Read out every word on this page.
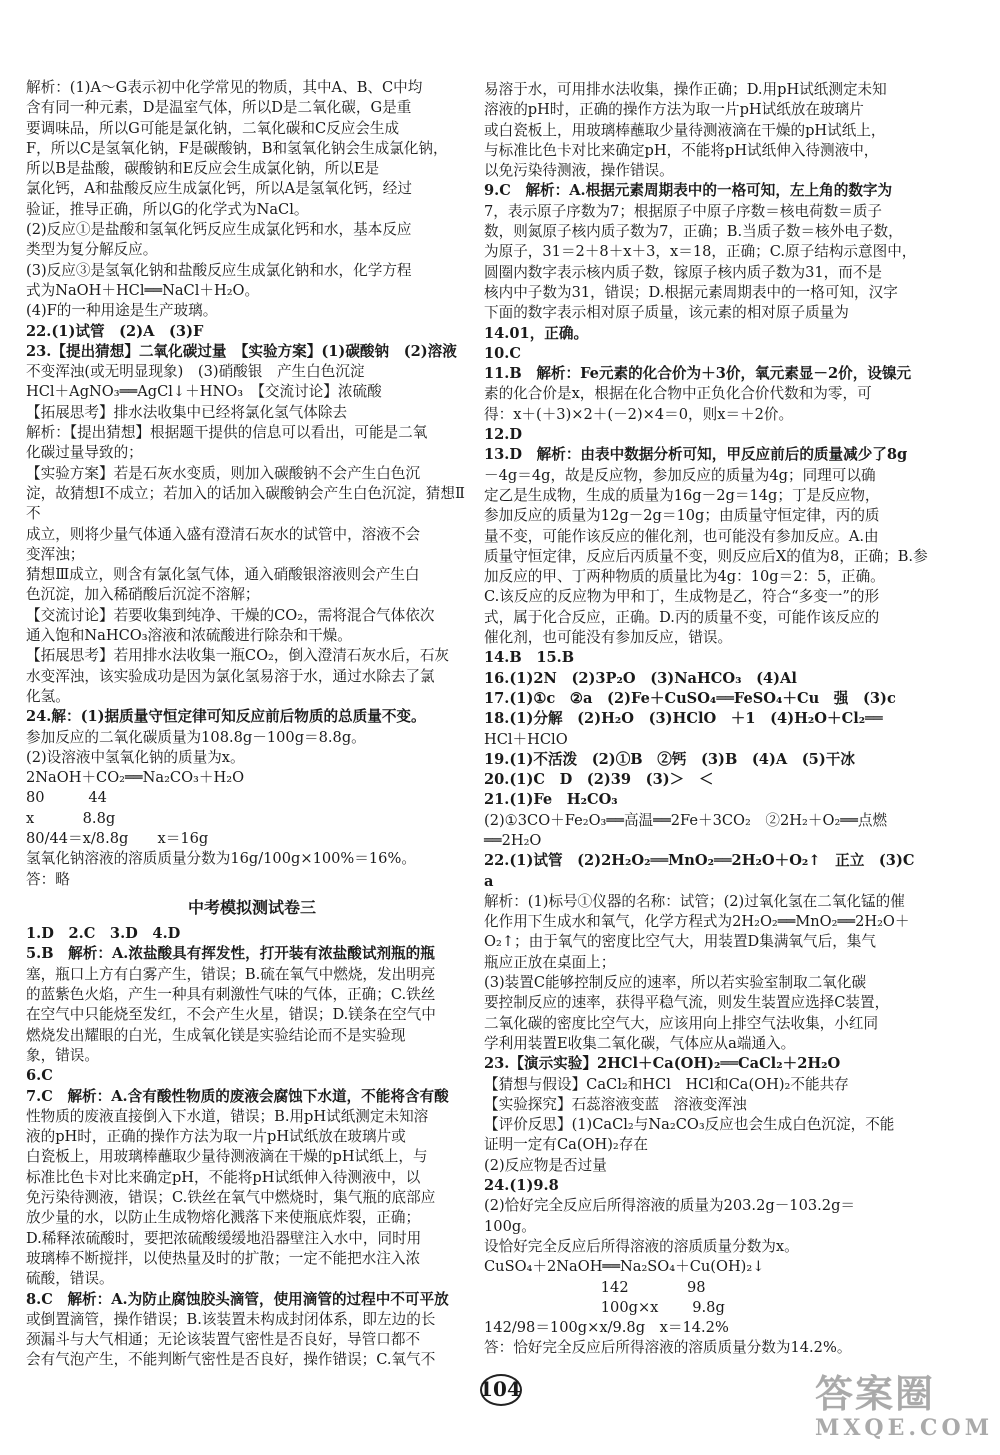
解析：(1)A～G表示初中化学常见的物质，其中A、B、C中均

含有同一种元素，D是温室气体，所以D是二氧化碳，G是重

要调味品，所以G可能是氯化钠，二氧化碳和C反应会生成

F，所以C是氢氧化钠，F是碳酸钠，B和氢氧化钠会生成氯化钠，

所以B是盐酸，碳酸钠和E反应会生成氯化钠，所以E是

氯化钙，A和盐酸反应生成氯化钙，所以A是氢氧化钙，经过

验证，推导正确，所以G的化学式为NaCl。

(2)反应①是盐酸和氢氧化钙反应生成氯化钙和水，基本反应

类型为复分解反应。

(3)反应③是氢氧化钠和盐酸反应生成氯化钠和水，化学方程

式为NaOH＋HCl══NaCl＋H₂O。

(4)F的一种用途是生产玻璃。

22.(1)试管　(2)A　(3)F

23.【提出猜想】二氧化碳过量　【实验方案】(1)碳酸钠　(2)溶液

不变浑浊(或无明显现象)　(3)硝酸银　产生白色沉淀

HCl＋AgNO₃══AgCl↓＋HNO₃　【交流讨论】浓硫酸

【拓展思考】排水法收集中已经将氯化氢气体除去

解析：【提出猜想】根据题干提供的信息可以看出，可能是二氧

化碳过量导致的；

【实验方案】若是石灰水变质，则加入碳酸钠不会产生白色沉

淀，故猜想Ⅰ不成立；若加入的话加入碳酸钠会产生白色沉淀，猜想Ⅱ不

成立，则将少量气体通入盛有澄清石灰水的试管中，溶液不会

变浑浊；

猜想Ⅲ成立，则含有氯化氢气体，通入硝酸银溶液则会产生白

色沉淀，加入稀硝酸后沉淀不溶解；

【交流讨论】若要收集到纯净、干燥的CO₂，需将混合气体依次

通入饱和NaHCO₃溶液和浓硫酸进行除杂和干燥。

【拓展思考】若用排水法收集一瓶CO₂，倒入澄清石灰水后，石灰

水变浑浊，该实验成功是因为氯化氢易溶于水，通过水除去了氯

化氢。

24.解：(1)据质量守恒定律可知反应前后物质的总质量不变。

参加反应的二氧化碳质量为108.8g－100g＝8.8g。

(2)设溶液中氢氧化钠的质量为x。

2NaOH＋CO₂══Na₂CO₃＋H₂O

80　　　44

x　　　 8.8g

80/44＝x/8.8g　　x＝16g

氢氧化钠溶液的溶质质量分数为16g/100g×100%＝16%。

答：略

中考模拟测试卷三

1.D　2.C　3.D　4.D

5.B　解析：A.浓盐酸具有挥发性，打开装有浓盐酸试剂瓶的瓶

塞，瓶口上方有白雾产生，错误；B.硫在氧气中燃烧，发出明亮

的蓝紫色火焰，产生一种具有刺激性气味的气体，正确；C.铁丝

在空气中只能烧至发红，不会产生火星，错误；D.镁条在空气中

燃烧发出耀眼的白光，生成氧化镁是实验结论而不是实验现

象，错误。

6.C

7.C　解析：A.含有酸性物质的废液会腐蚀下水道，不能将含有酸

性物质的废液直接倒入下水道，错误；B.用pH试纸测定未知溶

液的pH时，正确的操作方法为取一片pH试纸放在玻璃片或

白瓷板上，用玻璃棒蘸取少量待测液滴在干燥的pH试纸上，与

标准比色卡对比来确定pH，不能将pH试纸伸入待测液中，以

免污染待测液，错误；C.铁丝在氧气中燃烧时，集气瓶的底部应

放少量的水，以防止生成物熔化溅落下来使瓶底炸裂，正确；

D.稀释浓硫酸时，要把浓硫酸缓缓地沿器壁注入水中，同时用

玻璃棒不断搅拌，以使热量及时的扩散；一定不能把水注入浓

硫酸，错误。

8.C　解析：A.为防止腐蚀胶头滴管，使用滴管的过程中不可平放

或倒置滴管，操作错误；B.该装置未构成封闭体系，即左边的长

颈漏斗与大气相通；无论该装置气密性是否良好，导管口都不

会有气泡产生，不能判断气密性是否良好，操作错误；C.氧气不

易溶于水，可用排水法收集，操作正确；D.用pH试纸测定未知

溶液的pH时，正确的操作方法为取一片pH试纸放在玻璃片

或白瓷板上，用玻璃棒蘸取少量待测液滴在干燥的pH试纸上，

与标准比色卡对比来确定pH，不能将pH试纸伸入待测液中，

以免污染待测液，操作错误。

9.C　解析：A.根据元素周期表中的一格可知，左上角的数字为

7，表示原子序数为7；根据原子中原子序数＝核电荷数＝质子

数，则氮原子核内质子数为7，正确；B.当质子数＝核外电子数，

为原子，31＝2＋8＋x＋3，x＝18，正确；C.原子结构示意图中，

圆圈内数字表示核内质子数，镓原子核内质子数为31，而不是

核内中子数为31，错误；D.根据元素周期表中的一格可知，汉字

下面的数字表示相对原子质量，该元素的相对原子质量为

14.01，正确。

10.C

11.B　解析：Fe元素的化合价为＋3价，氧元素显－2价，设镍元

素的化合价是x，根据在化合物中正负化合价代数和为零，可

得：x＋(＋3)×2＋(－2)×4＝0，则x＝＋2价。

12.D

13.D　解析：由表中数据分析可知，甲反应前后的质量减少了8g

－4g＝4g，故是反应物，参加反应的质量为4g；同理可以确

定乙是生成物，生成的质量为16g－2g＝14g；丁是反应物，

参加反应的质量为12g－2g＝10g；由质量守恒定律，丙的质

量不变，可能作该反应的催化剂，也可能没有参加反应。A.由

质量守恒定律，反应后丙质量不变，则反应后X的值为8，正确；B.参

加反应的甲、丁两种物质的质量比为4g：10g＝2：5，正确。

C.该反应的反应物为甲和丁，生成物是乙，符合“多变一”的形

式，属于化合反应，正确。D.丙的质量不变，可能作该反应的

催化剂，也可能没有参加反应，错误。

14.B　15.B

16.(1)2N　(2)3P₂O　(3)NaHCO₃　(4)Al

17.(1)①c　②a　(2)Fe＋CuSO₄══FeSO₄＋Cu　强　(3)c

18.(1)分解　(2)H₂O　(3)HClO　＋1　(4)H₂O＋Cl₂══

HCl＋HClO

19.(1)不活泼　(2)①B　②钙　(3)B　(4)A　(5)干冰

20.(1)C　D　(2)39　(3)＞　＜

21.(1)Fe　H₂CO₃

(2)①3CO＋Fe₂O₃══高温══2Fe＋3CO₂　②2H₂＋O₂══点燃══2H₂O

22.(1)试管　(2)2H₂O₂══MnO₂══2H₂O＋O₂↑　正立　(3)C　a

解析：(1)标号①仪器的名称：试管；(2)过氧化氢在二氧化锰的催

化作用下生成水和氧气，化学方程式为2H₂O₂══MnO₂══2H₂O＋

O₂↑；由于氧气的密度比空气大，用装置D集满氧气后，集气

瓶应正放在桌面上；

(3)装置C能够控制反应的速率，所以若实验室制取二氧化碳

要控制反应的速率，获得平稳气流，则发生装置应选择C装置，

二氧化碳的密度比空气大，应该用向上排空气法收集，小红同

学利用装置E收集二氧化碳，气体应从a端通入。

23.【演示实验】2HCl＋Ca(OH)₂══CaCl₂＋2H₂O

【猜想与假设】CaCl₂和HCl　HCl和Ca(OH)₂不能共存

【实验探究】石蕊溶液变蓝　溶液变浑浊

【评价反思】(1)CaCl₂与Na₂CO₃反应也会生成白色沉淀，不能

证明一定有Ca(OH)₂存在

(2)反应物是否过量

24.(1)9.8

(2)恰好完全反应后所得溶液的质量为203.2g－103.2g＝

100g。

设恰好完全反应后所得溶液的溶质质量分数为x。

CuSO₄＋2NaOH══Na₂SO₄＋Cu(OH)₂↓

　　　　　　　　142　　　　98

　　　　　　　　100g×x　　 9.8g

142/98＝100g×x/9.8g　x＝14.2%

答：恰好完全反应后所得溶液的溶质质量分数为14.2%。

104	答案圈
MXQE.COM
